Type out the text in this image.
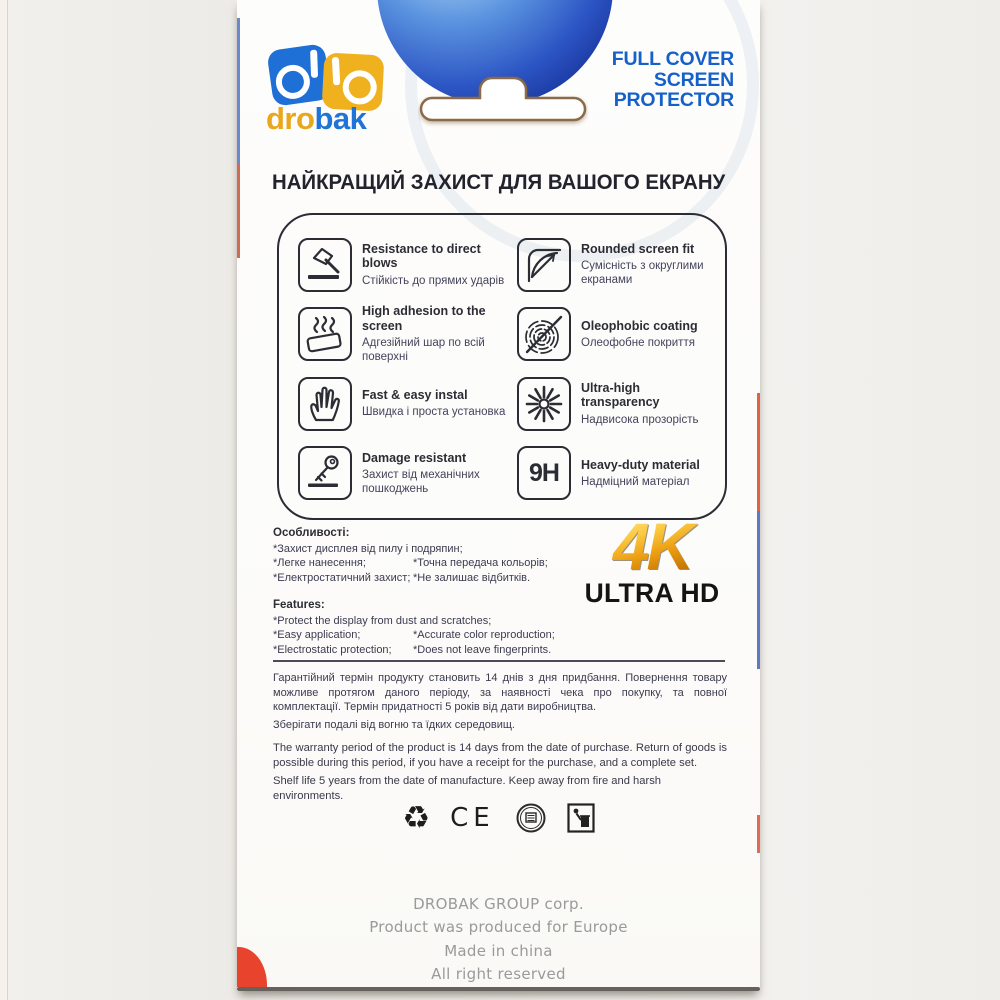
drobak
FULL COVER
SCREEN
PROTECTOR
НАЙКРАЩИЙ ЗАХИСТ ДЛЯ ВАШОГО ЕКРАНУ
Resistance to direct blows
Стійкість до прямих ударів
High adhesion to the screen
Адгезійний шар по всій поверхні
Fast & easy instal
Швидка і проста установка
Damage resistant
Захист від механічних пошкоджень
Rounded screen fit
Сумісність з округлими екранами
Oleophobic coating
Олеофобне покриття
Ultra-high transparency
Надвисока прозорість
9H Heavy-duty material
Надміцний матеріал
Особливості:
*Захист дисплея від пилу і подряпин;
*Легке нанесення;	*Точна передача кольорів;
*Електростатичний захист; *Не залишає відбитків.
Features:
*Protect the display from dust and scratches;
*Easy application;	*Accurate color reproduction;
*Electrostatic protection;	*Does not leave fingerprints.
4K
ULTRA HD

Гарантійний термін продукту становить 14 днів з дня придбання. Повернення товару можливе протягом даного періоду, за наявності чека про покупку, та повної комплектації. Термін придатності 5 років від дати виробництва.

Зберігати подалі від вогню та їдких середовищ.

The warranty period of the product is 14 days from the date of purchase. Return of goods is possible during this period, if you have a receipt for the purchase, and a complete set.

Shelf life 5 years from the date of manufacture. Keep away from fire and harsh environments.

♻ CE
DROBAK GROUP corp.
Product was produced for Europe
Made in china
All right reserved
